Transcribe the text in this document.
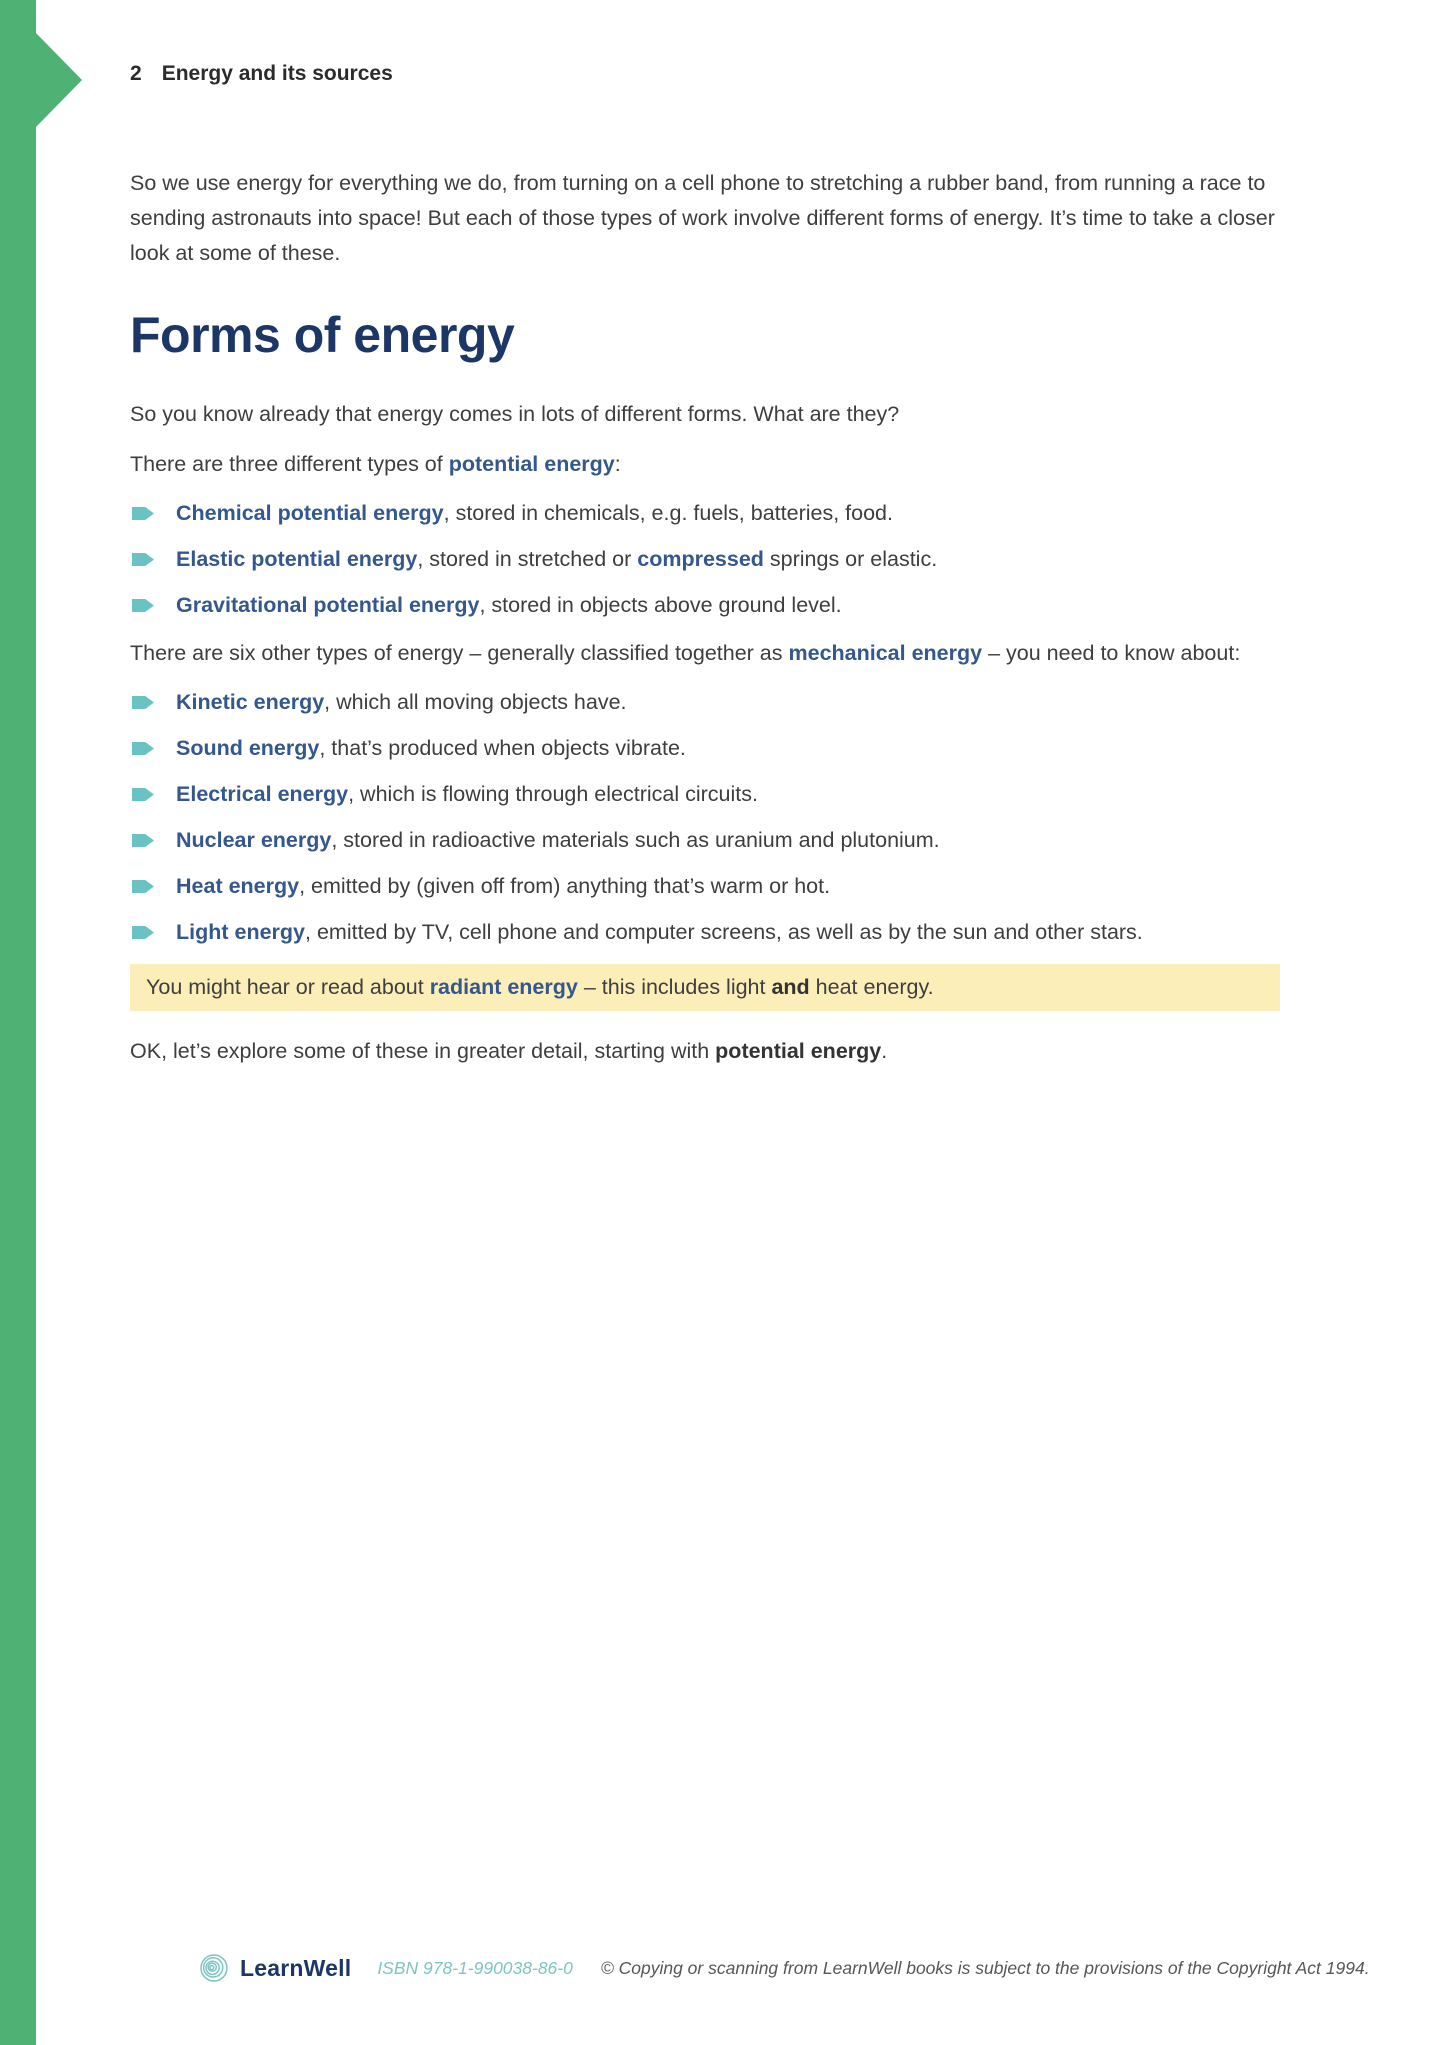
2 Energy and its sources

So we use energy for everything we do, from turning on a cell phone to stretching a rubber band, from running a race to sending astronauts into space! But each of those types of work involve different forms of energy. It’s time to take a closer look at some of these.

Forms of energy

So you know already that energy comes in lots of different forms. What are they?

There are three different types of potential energy:

Chemical potential energy, stored in chemicals, e.g. fuels, batteries, food.
Elastic potential energy, stored in stretched or compressed springs or elastic.
Gravitational potential energy, stored in objects above ground level.

There are six other types of energy – generally classified together as mechanical energy – you need to know about:

Kinetic energy, which all moving objects have.
Sound energy, that’s produced when objects vibrate.
Electrical energy, which is flowing through electrical circuits.
Nuclear energy, stored in radioactive materials such as uranium and plutonium.
Heat energy, emitted by (given off from) anything that’s warm or hot.
Light energy, emitted by TV, cell phone and computer screens, as well as by the sun and other stars.
You might hear or read about radiant energy – this includes light and heat energy.

OK, let’s explore some of these in greater detail, starting with potential energy.

LearnWell ISBN 978-1-990038-86-0 © Copying or scanning from LearnWell books is subject to the provisions of the Copyright Act 1994.
